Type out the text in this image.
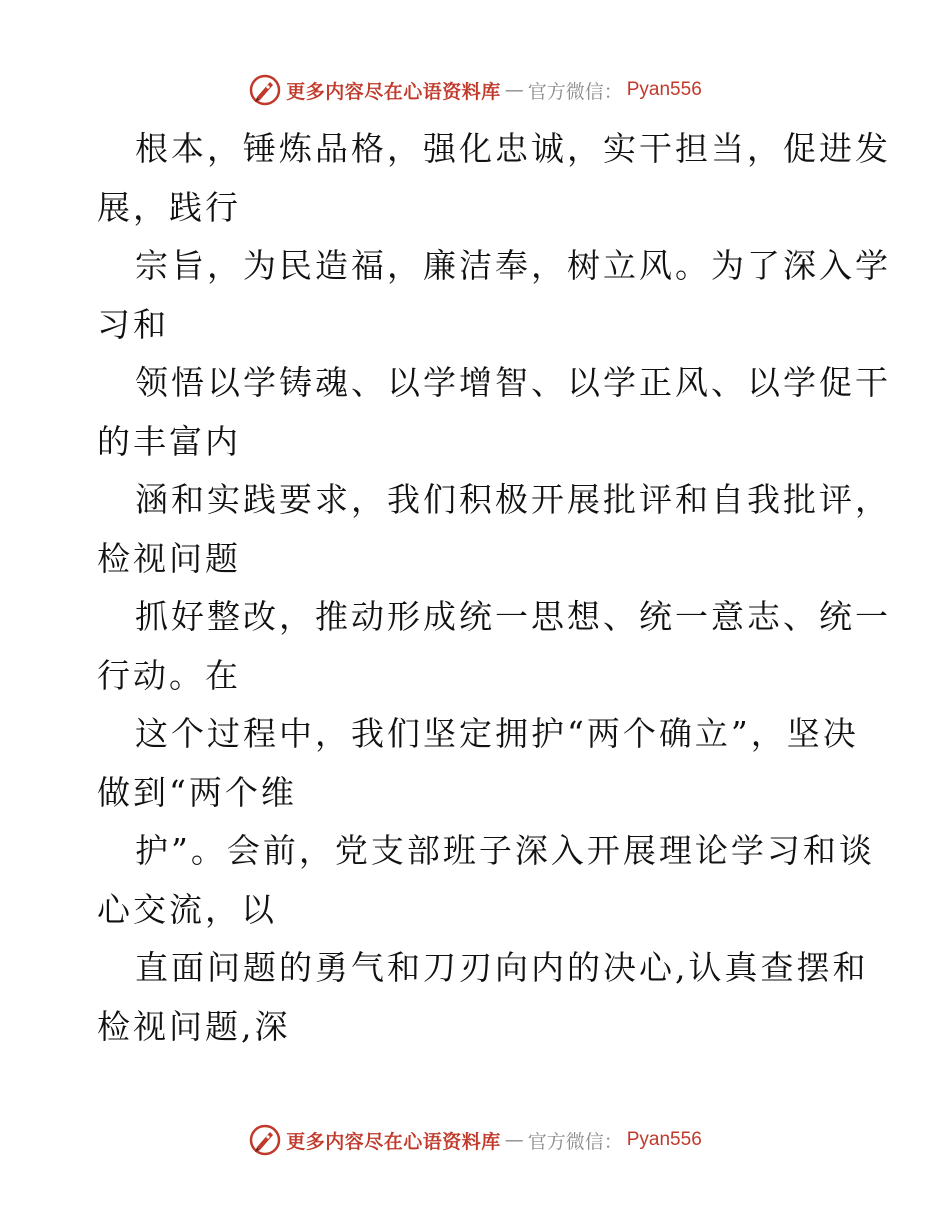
更多内容尽在心语资料库 — 官方微信： Pyan556
根本，锤炼品格，强化忠诚，实干担当，促进发
展，践行
宗旨，为民造福，廉洁奉，树立风。为了深入学
习和
领悟以学铸魂、以学增智、以学正风、以学促干
的丰富内
涵和实践要求，我们积极开展批评和自我批评，
检视问题
抓好整改，推动形成统一思想、统一意志、统一
行动。在
这个过程中，我们坚定拥护“两个确立”，坚决
做到“两个维
护”。会前，党支部班子深入开展理论学习和谈
心交流，以
直面问题的勇气和刀刃向内的决心,认真查摆和
检视问题,深
更多内容尽在心语资料库 — 官方微信： Pyan556
